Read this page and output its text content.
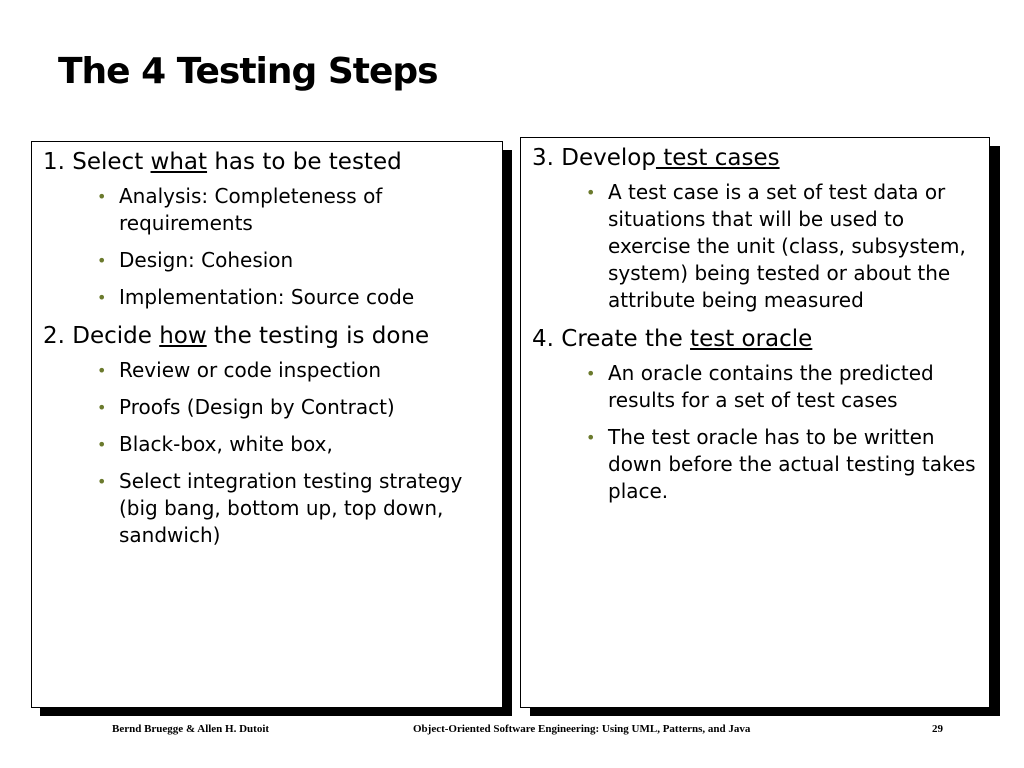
The 4 Testing Steps
1. Select what has to be tested
• Analysis: Completeness of requirements
• Design: Cohesion
• Implementation: Source code
2. Decide how the testing is done
• Review or code inspection
• Proofs (Design by Contract)
• Black-box, white box,
• Select integration testing strategy (big bang, bottom up, top down, sandwich)
3. Develop test cases
• A test case is a set of test data or situations that will be used to exercise the unit (class, subsystem, system) being tested or about the attribute being measured
4. Create the test oracle
• An oracle contains the predicted results for a set of test cases
• The test oracle has to be written down before the actual testing takes place.
Bernd Bruegge & Allen H. Dutoit	Object-Oriented Software Engineering: Using UML, Patterns, and Java	29
